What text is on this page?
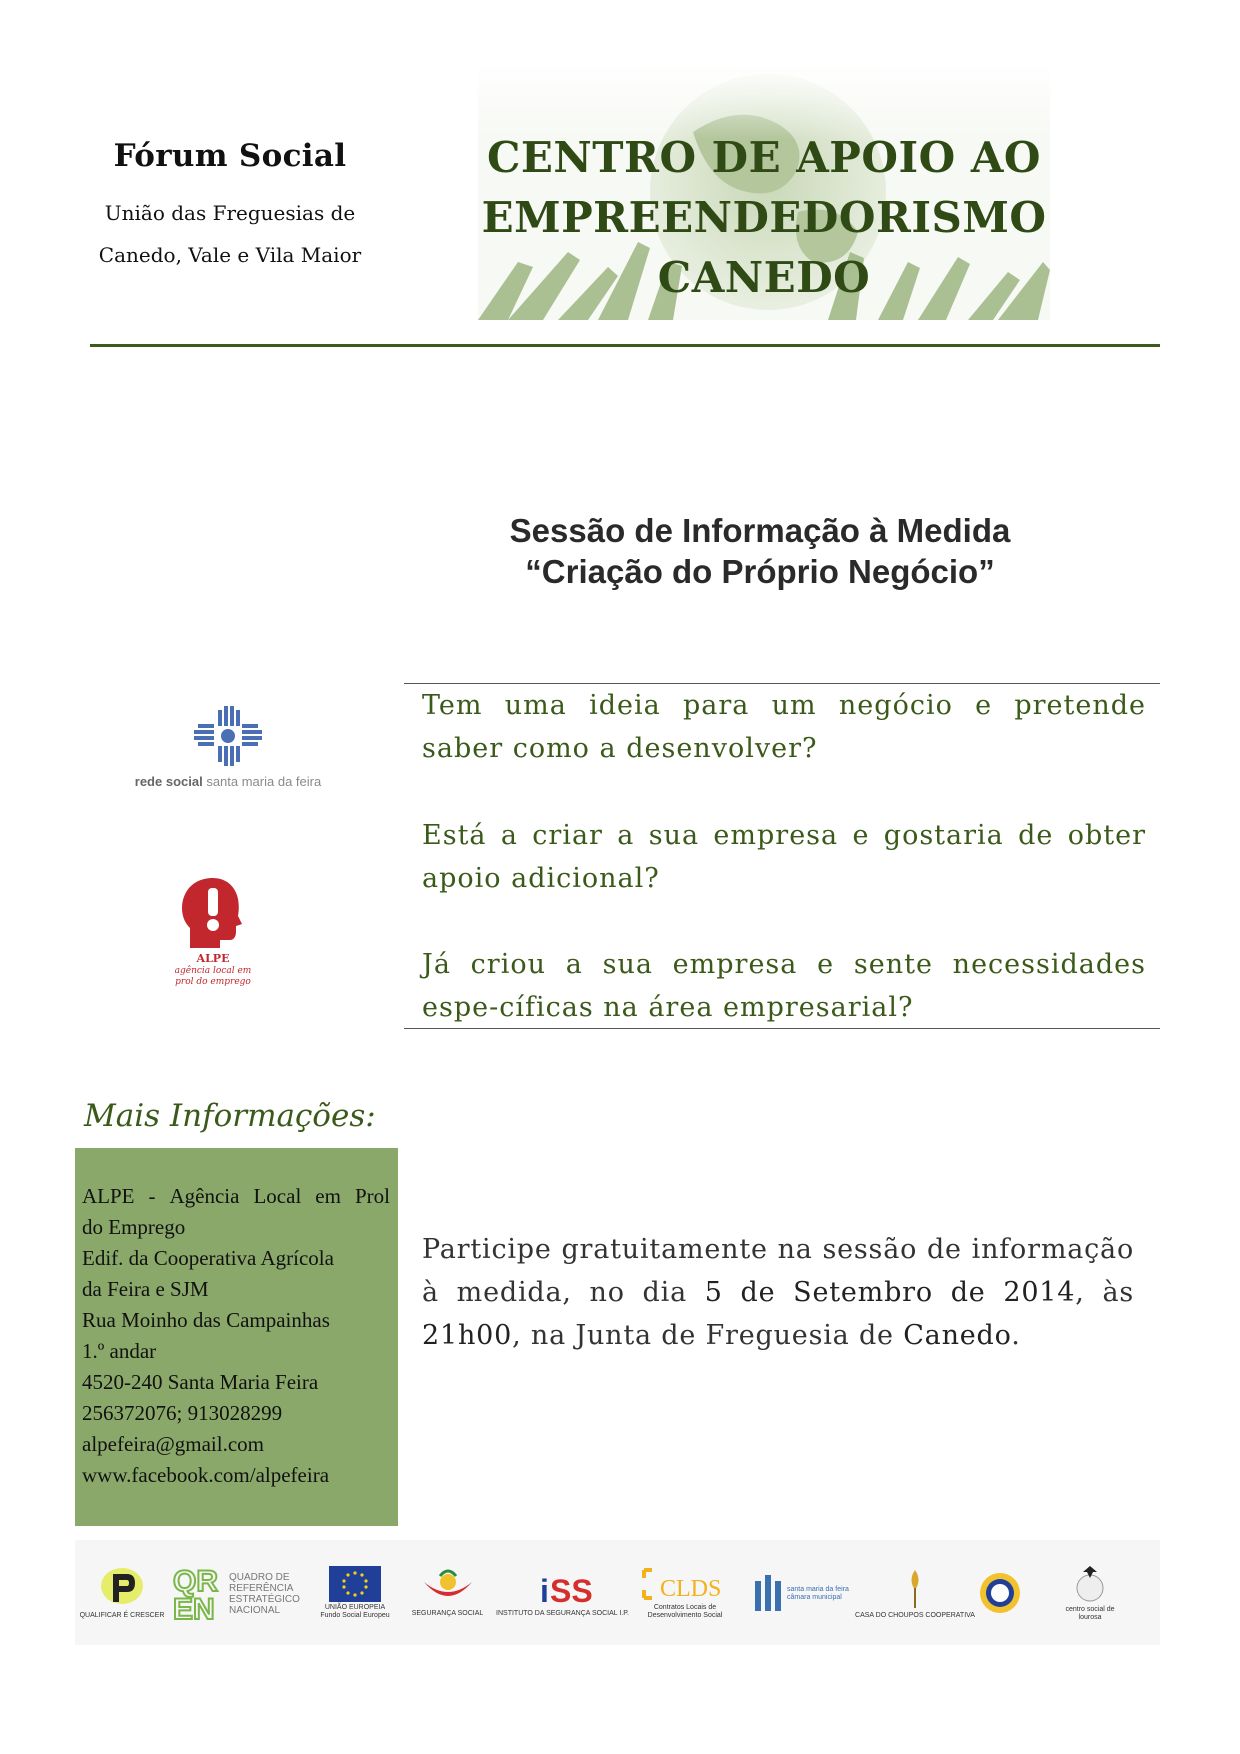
Fórum Social
União das Freguesias de
Canedo, Vale e Vila Maior
CENTRO DE APOIO AO
EMPREENDEDORISMO
CANEDO
Sessão de Informação à Medida
“Criação do Próprio Negócio”
rede social santa maria da feira
ALPE
agência local em
prol do emprego
Tem uma ideia para um negócio e pretende saber como a desenvolver?
Está a criar a sua empresa e gostaria de obter apoio adicional?
Já criou a sua empresa e sente necessidades espe-cíficas na área empresarial?
Mais Informações:
ALPE - Agência Local em Prol
do Emprego
Edif. da Cooperativa Agrícola
da Feira e SJM
Rua Moinho das Campainhas
1.º andar
4520-240 Santa Maria Feira
256372076; 913028299
alpefeira@gmail.com
www.facebook.com/alpefeira
Participe gratuitamente na sessão de informação à medida, no dia 5 de Setembro de 2014, às 21h00, na Junta de Freguesia de Canedo.
QUALIFICAR É CRESCER
QR
EN
QUADRO DE REFERÊNCIA ESTRATÉGICO NACIONAL	UNIÃO EUROPEIA Fundo Social Europeu	SEGURANÇA SOCIAL
i SS
INSTITUTO DA SEGURANÇA SOCIAL I.P.
CLDS
Contratos Locais de Desenvolvimento Social
santa maria da feira câmara municipal
CASA DO CHOUPOS COOPERATIVA
centro social de lourosa
